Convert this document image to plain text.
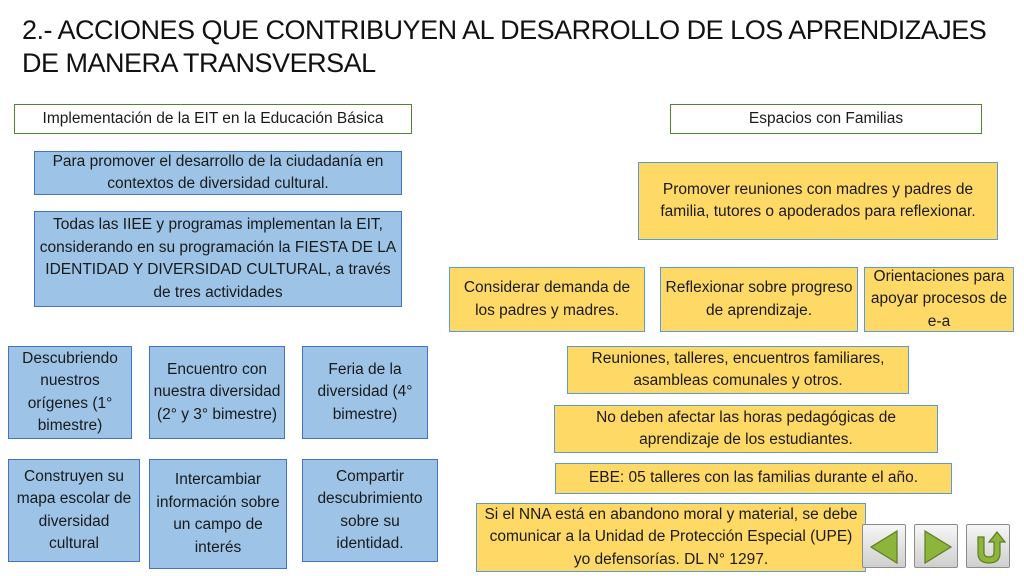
2.- ACCIONES QUE CONTRIBUYEN AL DESARROLLO DE LOS APRENDIZAJES DE MANERA TRANSVERSAL
Implementación de la EIT en la Educación Básica
Para promover el desarrollo de la ciudadanía en contextos de diversidad cultural.
Todas las IIEE y programas implementan la EIT, considerando en su programación la FIESTA DE LA IDENTIDAD Y DIVERSIDAD CULTURAL, a través de tres actividades
Descubriendo nuestros orígenes (1° bimestre)
Encuentro con nuestra diversidad (2° y 3° bimestre)
Feria de la diversidad (4° bimestre)
Construyen su mapa escolar de diversidad cultural
Intercambiar información sobre un campo de interés
Compartir descubrimiento sobre su identidad.
Espacios con Familias
Promover reuniones con madres y padres de familia, tutores o apoderados para reflexionar.
Considerar demanda de los padres y madres.
Reflexionar sobre progreso de aprendizaje.
Orientaciones para apoyar procesos de e-a
Reuniones, talleres, encuentros familiares, asambleas comunales y otros.
No deben afectar las horas pedagógicas de aprendizaje de los estudiantes.
EBE: 05 talleres con las familias durante el año.
Si el NNA está en abandono moral y material, se debe comunicar a la Unidad de Protección Especial (UPE) yo defensorías. DL N° 1297.
